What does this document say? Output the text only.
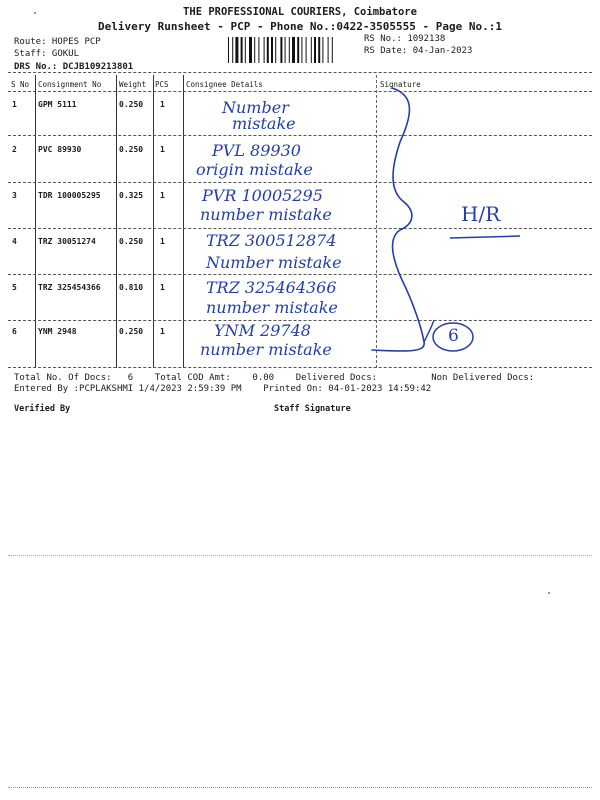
THE PROFESSIONAL COURIERS, Coimbatore
Delivery Runsheet - PCP - Phone No.:0422-3505555 - Page No.:1
Route: HOPES PCP
Staff: GOKUL
DRS No.: DCJB109213801
RS No.: 1092138
RS Date: 04-Jan-2023
S No Consignment No Weight PCS Consignee Details	Signature
1	GPM 5111	0.250 1	Number
mistake
2	PVC 89930	0.250 1	PVL 89930
origin mistake
3	TDR 100005295 0.325 1 PVR 10005295
number mistake
4	TRZ 30051274	0.250 1	TRZ 300512874
Number mistake
5	TRZ 325454366 0.810 1	TRZ 325464366
number mistake
6	YNM 2948	0.250 1	YNM 29748
number mistake
H/R
6
Total No. Of Docs:   6    Total COD Amt:    0.00    Delivered Docs:          Non Delivered Docs:
Entered By :PCPLAKSHMI 1/4/2023 2:59:39 PM    Printed On: 04-01-2023 14:59:42
Verified By	Staff Signature
